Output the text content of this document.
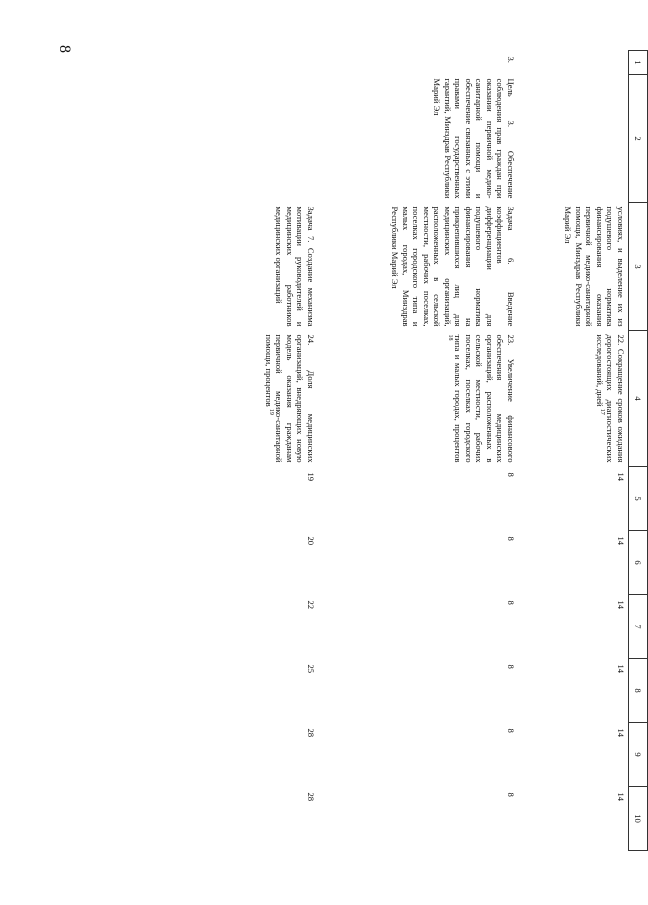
8
1	2	3	4	5	6	7	8	9	10
		условиях, и выделение их из подушевого норматива финансирования оказания первичной медико-санитарной помощи, Минздрав Республики Марий Эл	22. Сокращение сроков ожидания дорогостоящих диагностических исследований, дней $^{17}$	14	14	14	14	14	14
3.	Цель 3. Обеспечение соблюдения прав граждан при оказании первичной медико-санитарной помощи и обеспечение связанных с этими правами государственных гарантий, Минздрав Республики Марий Эл	Задача 6. Введение коэффициентов дифференциации для подушевого норматива финансирования на прикрепившихся лиц для медицинских организаций, расположенных в сельской местности, рабочих поселках, поселках городского типа и малых городах, Минздрав Республики Марий Эл	23. Увеличение финансового обеспечения медицинских организаций, расположенных в сельской местности, рабочих поселках, поселках городского типа и малых городах, процентов $^{18}$	8	8	8	8	8	8
		Задача 7. Создание механизма мотивации руководителей и медицинских работников медицинских организаций	24. Доля медицинских организаций, внедряющих новую модель оказания гражданам первичной медико-санитарной помощи, процентов $^{19}$	19	20	22	25	28	28
